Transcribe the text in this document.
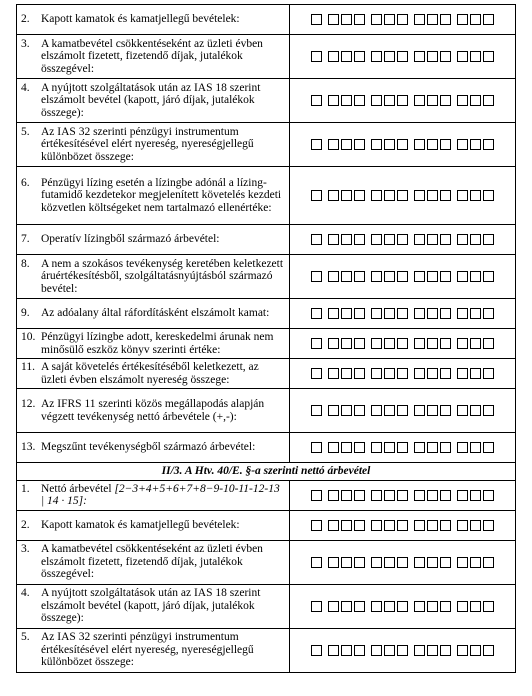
2. Kapott kamatok és kamatjellegű bevételek:	

3. A kamatbevétel csökkentéseként az üzleti évben elszámolt fizetett, fizetendő díjak, jutalékok összegével:	

4. A nyújtott szolgáltatások után az IAS 18 szerint elszámolt bevétel (kapott, járó díjak, jutalékok összege):	

5. Az IAS 32 szerinti pénzügyi instrumentum értékesítésével elért nyereség, nyereségjellegű különbözet összege:	

6. Pénzügyi lízing esetén a lízingbe adónál a lízing-futamidő kezdetekor megjelenített követelés kezdeti közvetlen költségeket nem tartalmazó ellenértéke:	

7. Operatív lízingből származó árbevétel:	

8. A nem a szokásos tevékenység keretében keletkezett áruértékesítésből, szolgáltatásnyújtásból származó bevétel:	

9. Az adóalany által ráfordításként elszámolt kamat:	

10. Pénzügyi lízingbe adott, kereskedelmi árunak nem minősülő eszköz könyv szerinti értéke:	

11. A saját követelés értékesítéséből keletkezett, az üzleti évben elszámolt nyereség összege:	

12. Az IFRS 11 szerinti közös megállapodás alapján végzett tevékenység nettó árbevétele (+,-):	

13. Megszűnt tevékenységből származó árbevétel:	

II/3. A Htv. 40/E. §-a szerinti nettó árbevétel	

1. Nettó árbevétel [2−3+4+5+6+7+8−9-10-11-12-13 | 14 · 15]:	

2. Kapott kamatok és kamatjellegű bevételek:	

3. A kamatbevétel csökkentéseként az üzleti évben elszámolt fizetett, fizetendő díjak, jutalékok összegével:	

4. A nyújtott szolgáltatások után az IAS 18 szerint elszámolt bevétel (kapott, járó díjak, jutalékok összege):	

5. Az IAS 32 szerinti pénzügyi instrumentum értékesítésével elért nyereség, nyereségjellegű különbözet összege:	
